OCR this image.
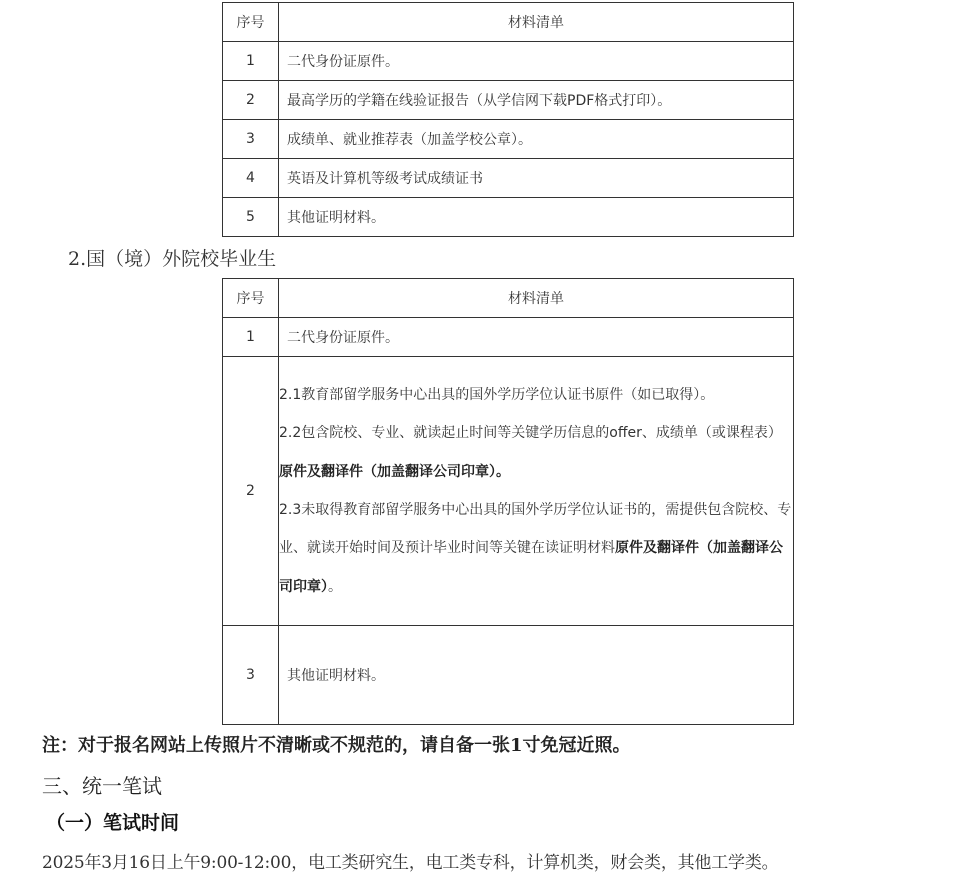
序号	材料清单
1	二代身份证原件。
2	最高学历的学籍在线验证报告（从学信网下载PDF格式打印）。
3	成绩单、就业推荐表（加盖学校公章）。
4	英语及计算机等级考试成绩证书
5	其他证明材料。
2.国（境）外院校毕业生
序号	材料清单
1	二代身份证原件。
2	2.1教育部留学服务中心出具的国外学历学位认证书原件（如已取得）。

2.2包含院校、专业、就读起止时间等关键学历信息的offer、成绩单（或课程表）原件及翻译件（加盖翻译公司印章）。

2.3未取得教育部留学服务中心出具的国外学历学位认证书的，需提供包含院校、专业、就读开始时间及预计毕业时间等关键在读证明材料原件及翻译件（加盖翻译公司印章）。

3	其他证明材料。
注：对于报名网站上传照片不清晰或不规范的，请自备一张1寸免冠近照。
三、统一笔试
（一）笔试时间
2025年3月16日上午9:00-12:00，电工类研究生，电工类专科，计算机类，财会类，其他工学类。
